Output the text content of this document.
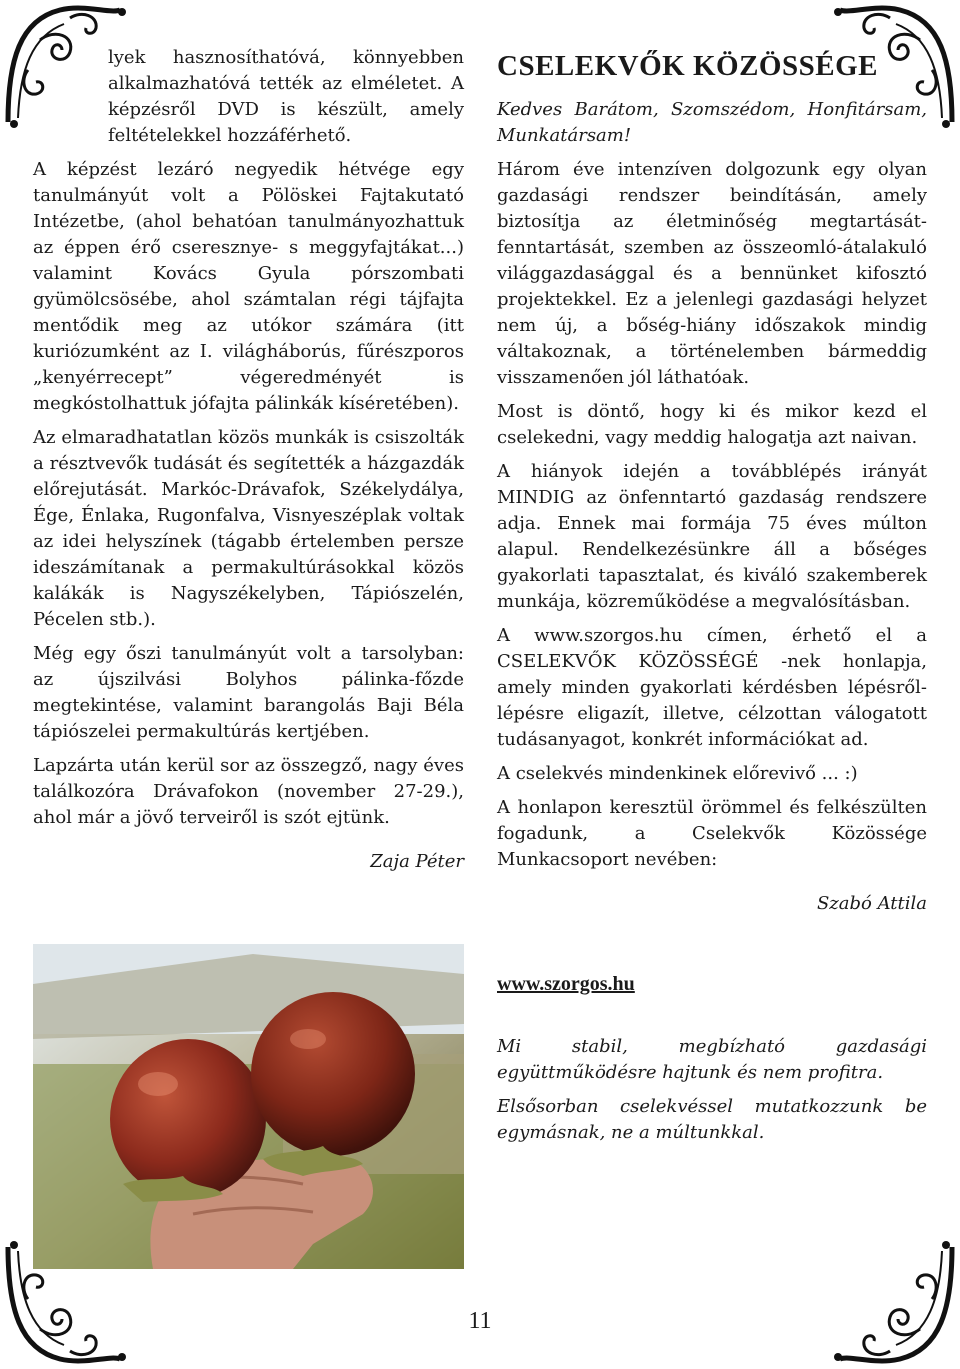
lyek hasznosíthatóvá, könnyebben alkalmazhatóvá tették az elméletet. A képzésről DVD is készült, amely feltételekkel hozzáférhető.

A képzést lezáró negyedik hétvége egy tanulmányút volt a Pölöskei Fajtakutató Intézetbe, (ahol behatóan tanulmányozhattuk az éppen érő cseresznye- s meggyfajtákat...) valamint Kovács Gyula pórszombati gyümölcsösébe, ahol számtalan régi tájfajta mentődik meg az utókor számára (itt kuriózumként az I. világháborús, fűrészporos „kenyérrecept” végeredményét is megkóstolhattuk jófajta pálinkák kíséretében).

Az elmaradhatatlan közös munkák is csiszolták a résztvevők tudását és segítették a házgazdák előrejutását. Markóc-Drávafok, Székelydálya, Ége, Énlaka, Rugonfalva, Visnyeszéplak voltak az idei helyszínek (tágabb értelemben persze ideszámítanak a permakultúrásokkal közös kalákák is Nagyszékelyben, Tápiószelén, Pécelen stb.).

Még egy őszi tanulmányút volt a tarsolyban: az újszilvási Bolyhos pálinka-főzde megtekintése, valamint barangolás Baji Béla tápiószelei permakultúrás kertjében.

Lapzárta után kerül sor az összegző, nagy éves találkozóra Drávafokon (november 27-29.), ahol már a jövő terveiről is szót ejtünk.

Zaja Péter

CSELEKVŐK KÖZÖSSÉGE

Kedves Barátom, Szomszédom, Honfitársam, Munkatársam!

Három éve intenzíven dolgozunk egy olyan gazdasági rendszer beindításán, amely biztosítja az életminőség megtartását-fenntartását, szemben az összeomló-átalakuló világgazdasággal és a bennünket kifosztó projektekkel. Ez a jelenlegi gazdasági helyzet nem új, a bőség-hiány időszakok mindig váltakoznak, a történelemben bármeddig visszamenően jól láthatóak.

Most is döntő, hogy ki és mikor kezd el cselekedni, vagy meddig halogatja azt naivan.

A hiányok idején a továbblépés irányát MINDIG az önfenntartó gazdaság rendszere adja. Ennek mai formája 75 éves múlton alapul. Rendelkezésünkre áll a bőséges gyakorlati tapasztalat, és kiváló szakemberek munkája, közreműködése a megvalósításban.

A www.szorgos.hu címen, érhető el a CSELEKVŐK KÖZÖSSÉGÉ -nek honlapja, amely minden gyakorlati kérdésben lépésről-lépésre eligazít, illetve, célzottan válogatott tudásanyagot, konkrét információkat ad.

A cselekvés mindenkinek előrevivő ... :)

A honlapon keresztül örömmel és felkészülten fogadunk, a Cselekvők Közössége Munkacsoport nevében:

Szabó Attila

www.szorgos.hu

Mi stabil, megbízható gazdasági együttműködésre hajtunk és nem profitra.

Elsősorban cselekvéssel mutatkozzunk be egymásnak, ne a múltunkkal.

11
